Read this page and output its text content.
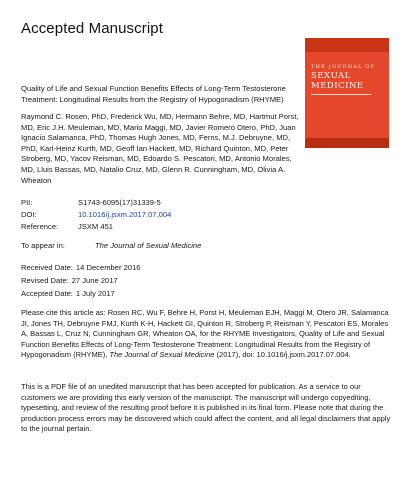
Accepted Manuscript
THE JOURNAL OF
SEXUAL
MEDICINE
Quality of Life and Sexual Function Benefits Effects of Long-Term Testosterone Treatment: Longitudinal Results from the Registry of Hypogonadism (RHYME)
Raymond C. Rosen, PhD, Frederick Wu, MD, Hermann Behre, MD, Hartmut Porst, MD, Eric J.H. Meuleman, MD, Mario Maggi, MD, Javier Romero Otero, PhD, Juan Ignacio Salamanca, PhD, Thomas Hugh Jones, MD, Ferns, M.J. Debruyne, MD, PhD, Karl-Heinz Kurth, MD, Geoff Ian Hackett, MD, Richard Quinton, MD, Peter Stroberg, MD, Yacov Reisman, MD, Edoardo S. Pescatori, MD, Antonio Morales, MD, Lluis Bassas, MD, Natalio Cruz, MD, Glenn R. Cunningham, MD, Olivia A. Wheaton
PII:	S1743-6095(17)31339-5
DOI:	10.1016/j.jsxm.2017.07.004
Reference:	JSXM 451
To appear in:	The Journal of Sexual Medicine
Received Date: 14 December 2016
Revised Date: 27 June 2017
Accepted Date: 1 July 2017
Please cite this article as: Rosen RC, Wu F, Behre H, Porst H, Meuleman EJH, Maggi M, Otero JR, Salamanca JI, Jones TH, Debruyne FMJ, Kurth K-H, Hackett GI, Quinton R, Stroberg P, Reisman Y, Pescatori ES, Morales A, Bassas L, Cruz N, Cunningham GR, Wheaton OA, for the RHYME Investigators, Quality of Life and Sexual Function Benefits Effects of Long-Term Testosterone Treatment: Longitudinal Results from the Registry of Hypogonadism (RHYME), The Journal of Sexual Medicine (2017), doi: 10.1016/j.jsxm.2017.07.004.
This is a PDF file of an unedited manuscript that has been accepted for publication. As a service to our customers we are providing this early version of the manuscript. The manuscript will undergo copyediting, typesetting, and review of the resulting proof before it is published in its final form. Please note that during the production process errors may be discovered which could affect the content, and all legal disclaimers that apply to the journal pertain.
